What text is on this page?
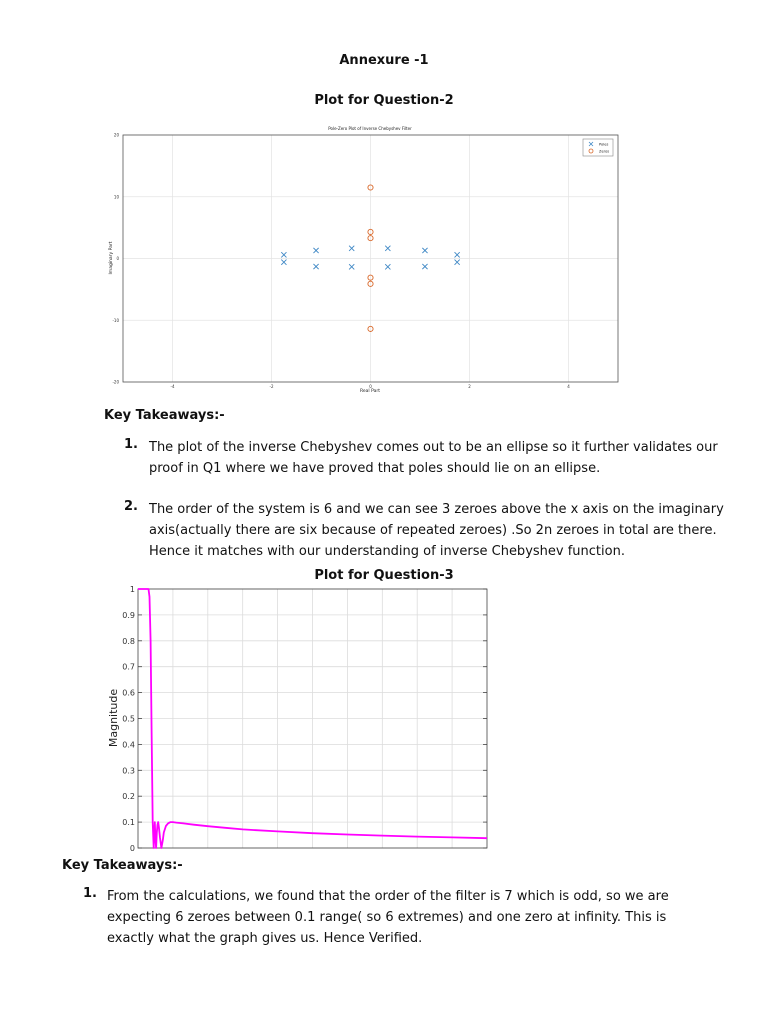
Annexure -1
Plot for Question-2
Pole-Zero Plot of Inverse Chebyshev Filter
Real Part
Imaginary Part
-4	-2	0	2	4
-20
-10
0
10
20
Poles
Zeros
Key Takeaways:-
1. The plot of the inverse Chebyshev comes out to be an ellipse so it further validates our proof in Q1 where we have proved that poles should lie on an ellipse.
2. The order of the system is 6 and we can see 3 zeroes above the x axis on the imaginary axis(actually there are six because of repeated zeroes) .So 2n zeroes in total are there. Hence it matches with our understanding of inverse Chebyshev function.
Plot for Question-3
Magnitude
0
0.1
0.2
0.3
0.4
0.5
0.6
0.7
0.8
0.9
1
Key Takeaways:-
1. From the calculations, we found that the order of the filter is 7 which is odd, so we are expecting 6 zeroes between 0.1 range( so 6 extremes) and one zero at infinity. This is exactly what the graph gives us. Hence Verified.
